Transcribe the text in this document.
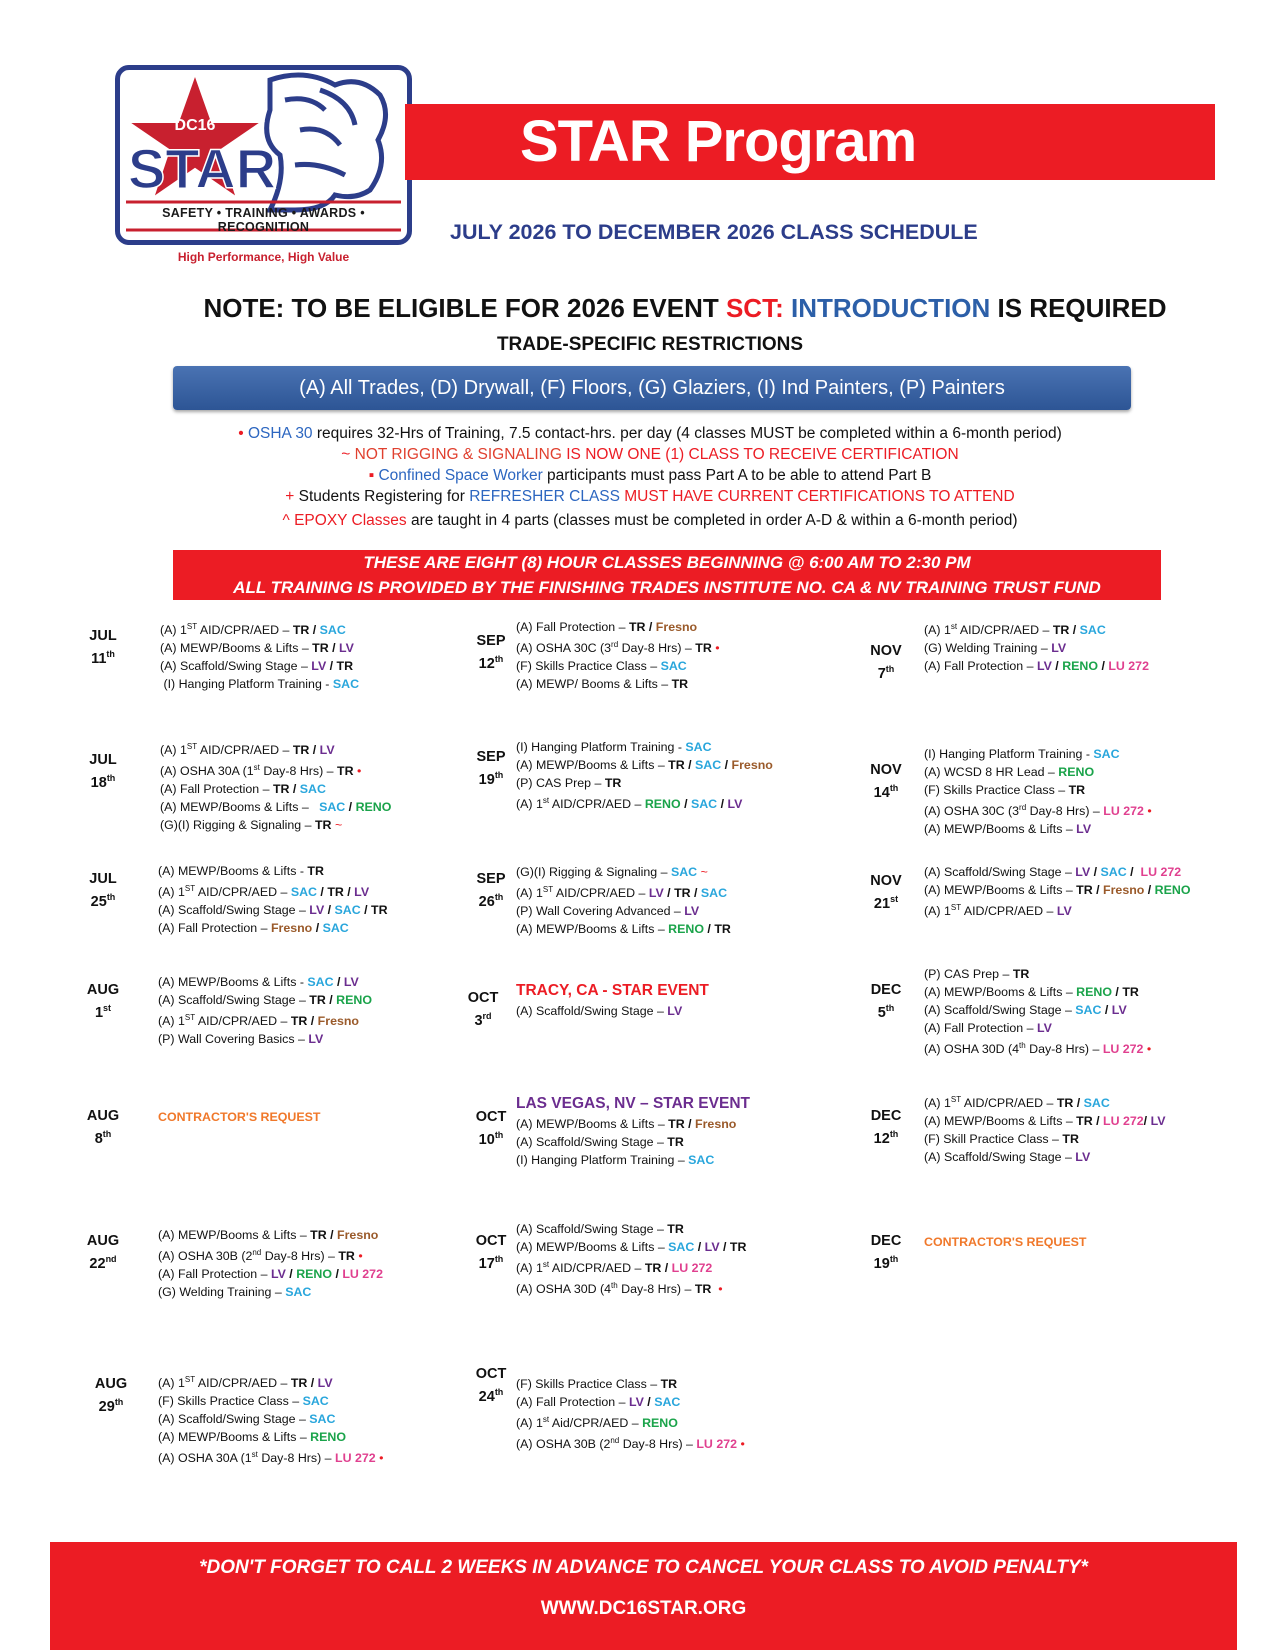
DC16
STAR
SAFETY • TRAINING • AWARDS • RECOGNITION
High Performance, High Value
STAR Program
JULY 2026 TO DECEMBER 2026 CLASS SCHEDULE
NOTE: TO BE ELIGIBLE FOR 2026 EVENT SCT: INTRODUCTION IS REQUIRED
TRADE-SPECIFIC RESTRICTIONS
(A) All Trades, (D) Drywall, (F) Floors, (G) Glaziers, (I) Ind Painters, (P) Painters
• OSHA 30 requires 32-Hrs of Training, 7.5 contact-hrs. per day (4 classes MUST be completed within a 6-month period)
~ NOT RIGGING & SIGNALING IS NOW ONE (1) CLASS TO RECEIVE CERTIFICATION
▪ Confined Space Worker participants must pass Part A to be able to attend Part B
+ Students Registering for REFRESHER CLASS MUST HAVE CURRENT CERTIFICATIONS TO ATTEND
^ EPOXY Classes are taught in 4 parts (classes must be completed in order A-D & within a 6-month period)
THESE ARE EIGHT (8) HOUR CLASSES BEGINNING @ 6:00 AM TO 2:30 PM
ALL TRAINING IS PROVIDED BY THE FINISHING TRADES INSTITUTE NO. CA & NV TRAINING TRUST FUND
JUL
11th
(A) 1ST AID/CPR/AED – TR / SAC
(A) MEWP/Booms & Lifts – TR / LV
(A) Scaffold/Swing Stage – LV / TR
(I) Hanging Platform Training - SAC
JUL
18th
(A) 1ST AID/CPR/AED – TR / LV
(A) OSHA 30A (1st Day-8 Hrs) – TR •
(A) Fall Protection – TR / SAC
(A) MEWP/Booms & Lifts –   SAC / RENO
(G)(I) Rigging & Signaling – TR ~
JUL
25th
(A) MEWP/Booms & Lifts - TR
(A) 1ST AID/CPR/AED – SAC / TR / LV
(A) Scaffold/Swing Stage – LV / SAC / TR
(A) Fall Protection – Fresno / SAC
AUG
1st
(A) MEWP/Booms & Lifts - SAC / LV
(A) Scaffold/Swing Stage – TR / RENO
(A) 1ST AID/CPR/AED – TR / Fresno
(P) Wall Covering Basics – LV
AUG
8th
CONTRACTOR'S REQUEST
AUG
22nd
(A) MEWP/Booms & Lifts – TR / Fresno
(A) OSHA 30B (2nd Day-8 Hrs) – TR •
(A) Fall Protection – LV / RENO / LU 272
(G) Welding Training – SAC
AUG
29th
(A) 1ST AID/CPR/AED – TR / LV
(F) Skills Practice Class – SAC
(A) Scaffold/Swing Stage – SAC
(A) MEWP/Booms & Lifts – RENO
(A) OSHA 30A (1st Day-8 Hrs) – LU 272 •
SEP
12th
(A) Fall Protection – TR / Fresno
(A) OSHA 30C (3rd Day-8 Hrs) – TR •
(F) Skills Practice Class – SAC
(A) MEWP/ Booms & Lifts – TR
SEP
19th
(I) Hanging Platform Training - SAC
(A) MEWP/Booms & Lifts – TR / SAC / Fresno
(P) CAS Prep – TR
(A) 1st AID/CPR/AED – RENO / SAC / LV
SEP
26th
(G)(I) Rigging & Signaling – SAC ~
(A) 1ST AID/CPR/AED – LV / TR / SAC
(P) Wall Covering Advanced – LV
(A) MEWP/Booms & Lifts – RENO / TR
OCT
3rd
TRACY, CA - STAR EVENT
(A) Scaffold/Swing Stage – LV
OCT
10th
LAS VEGAS, NV – STAR EVENT
(A) MEWP/Booms & Lifts – TR / Fresno
(A) Scaffold/Swing Stage – TR
(I) Hanging Platform Training – SAC
OCT
17th
(A) Scaffold/Swing Stage – TR
(A) MEWP/Booms & Lifts – SAC / LV / TR
(A) 1st AID/CPR/AED – TR / LU 272
(A) OSHA 30D (4th Day-8 Hrs) – TR •
OCT
24th
(F) Skills Practice Class – TR
(A) Fall Protection – LV / SAC
(A) 1st Aid/CPR/AED – RENO
(A) OSHA 30B (2nd Day-8 Hrs) – LU 272 •
NOV
7th
(A) 1st AID/CPR/AED – TR / SAC
(G) Welding Training – LV
(A) Fall Protection – LV / RENO / LU 272
NOV
14th
(I) Hanging Platform Training - SAC
(A) WCSD 8 HR Lead – RENO
(F) Skills Practice Class – TR
(A) OSHA 30C (3rd Day-8 Hrs) – LU 272 •
(A) MEWP/Booms & Lifts – LV
NOV
21st
(A) Scaffold/Swing Stage – LV / SAC /  LU 272
(A) MEWP/Booms & Lifts – TR / Fresno / RENO
(A) 1ST AID/CPR/AED – LV
DEC
5th
(P) CAS Prep – TR
(A) MEWP/Booms & Lifts – RENO / TR
(A) Scaffold/Swing Stage – SAC / LV
(A) Fall Protection – LV
(A) OSHA 30D (4th Day-8 Hrs) – LU 272 •
DEC
12th
(A) 1ST AID/CPR/AED – TR / SAC
(A) MEWP/Booms & Lifts – TR / LU 272/ LV
(F) Skill Practice Class – TR
(A) Scaffold/Swing Stage – LV
DEC
19th
CONTRACTOR'S REQUEST
*DON'T FORGET TO CALL 2 WEEKS IN ADVANCE TO CANCEL YOUR CLASS TO AVOID PENALTY*
WWW.DC16STAR.ORG
